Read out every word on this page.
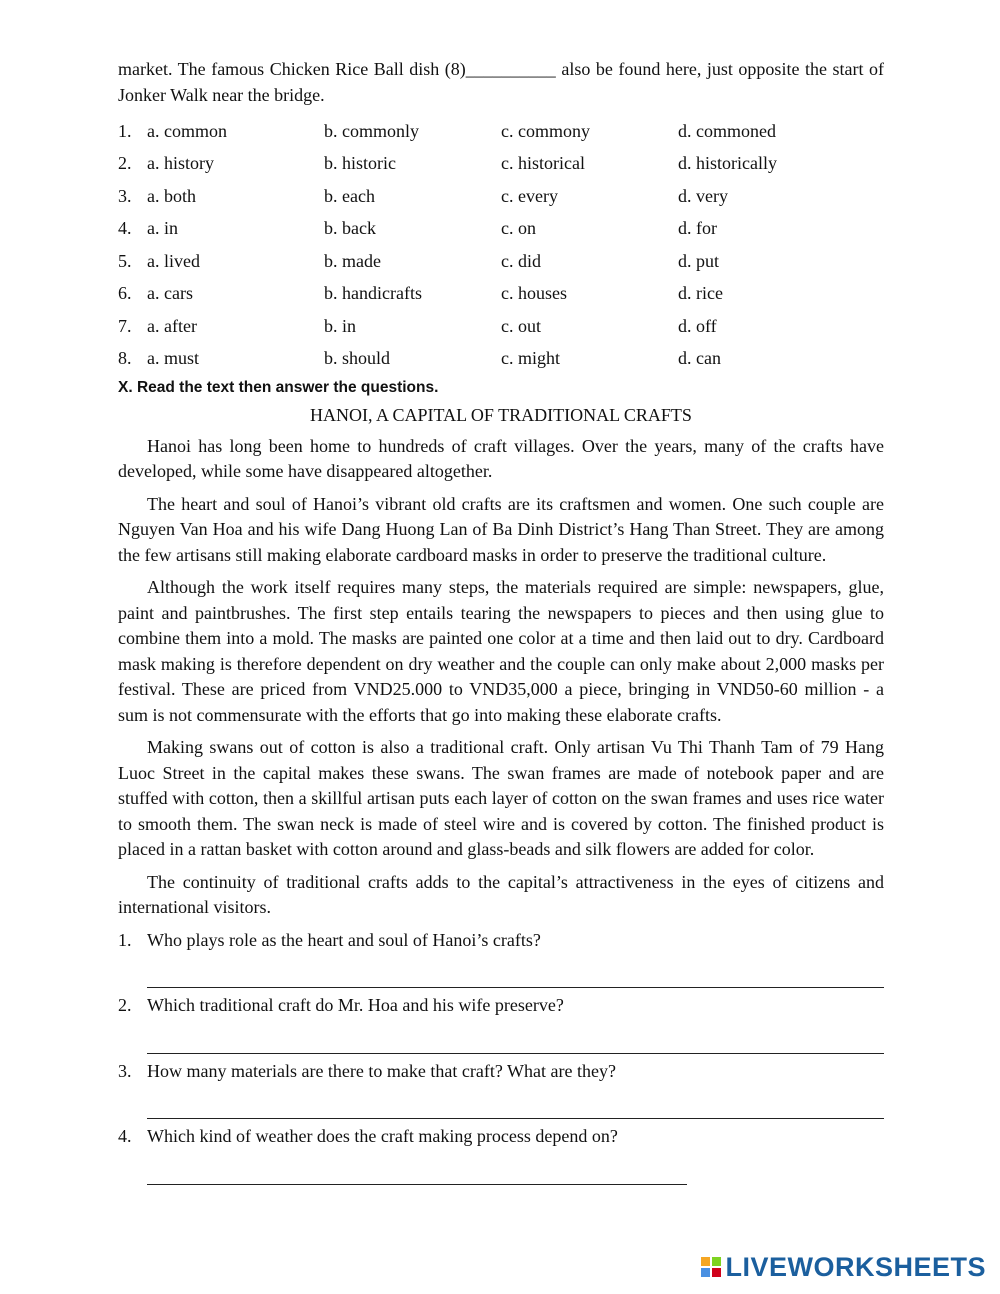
market. The famous Chicken Rice Ball dish (8)__________ also be found here, just opposite the start of Jonker Walk near the bridge.

1. a. common	b. commonly	c. commony	d. commoned
2. a. history	b. historic	c. historical	d. historically
3. a. both	b. each	c. every	d. very
4. a. in	b. back	c. on	d. for
5. a. lived	b. made	c. did	d. put
6. a. cars	b. handicrafts	c. houses	d. rice
7. a. after	b. in	c. out	d. off
8. a. must	b. should	c. might	d. can
X. Read the text then answer the questions.
HANOI, A CAPITAL OF TRADITIONAL CRAFTS

Hanoi has long been home to hundreds of craft villages. Over the years, many of the crafts have developed, while some have disappeared altogether.

The heart and soul of Hanoi’s vibrant old crafts are its craftsmen and women. One such couple are Nguyen Van Hoa and his wife Dang Huong Lan of Ba Dinh District’s Hang Than Street. They are among the few artisans still making elaborate cardboard masks in order to preserve the traditional culture.

Although the work itself requires many steps, the materials required are simple: newspapers, glue, paint and paintbrushes. The first step entails tearing the newspapers to pieces and then using glue to combine them into a mold. The masks are painted one color at a time and then laid out to dry. Cardboard mask making is therefore dependent on dry weather and the couple can only make about 2,000 masks per festival. These are priced from VND25.000 to VND35,000 a piece, bringing in VND50-60 million - a sum is not commensurate with the efforts that go into making these elaborate crafts.

Making swans out of cotton is also a traditional craft. Only artisan Vu Thi Thanh Tam of 79 Hang Luoc Street in the capital makes these swans. The swan frames are made of notebook paper and are stuffed with cotton, then a skillful artisan puts each layer of cotton on the swan frames and uses rice water to smooth them. The swan neck is made of steel wire and is covered by cotton. The finished product is placed in a rattan basket with cotton around and glass-beads and silk flowers are added for color.

The continuity of traditional crafts adds to the capital’s attractiveness in the eyes of citizens and international visitors.

1. Who plays role as the heart and soul of Hanoi’s crafts?
2. Which traditional craft do Mr. Hoa and his wife preserve?
3. How many materials are there to make that craft? What are they?
4. Which kind of weather does the craft making process depend on?
LIVEWORKSHEETS
